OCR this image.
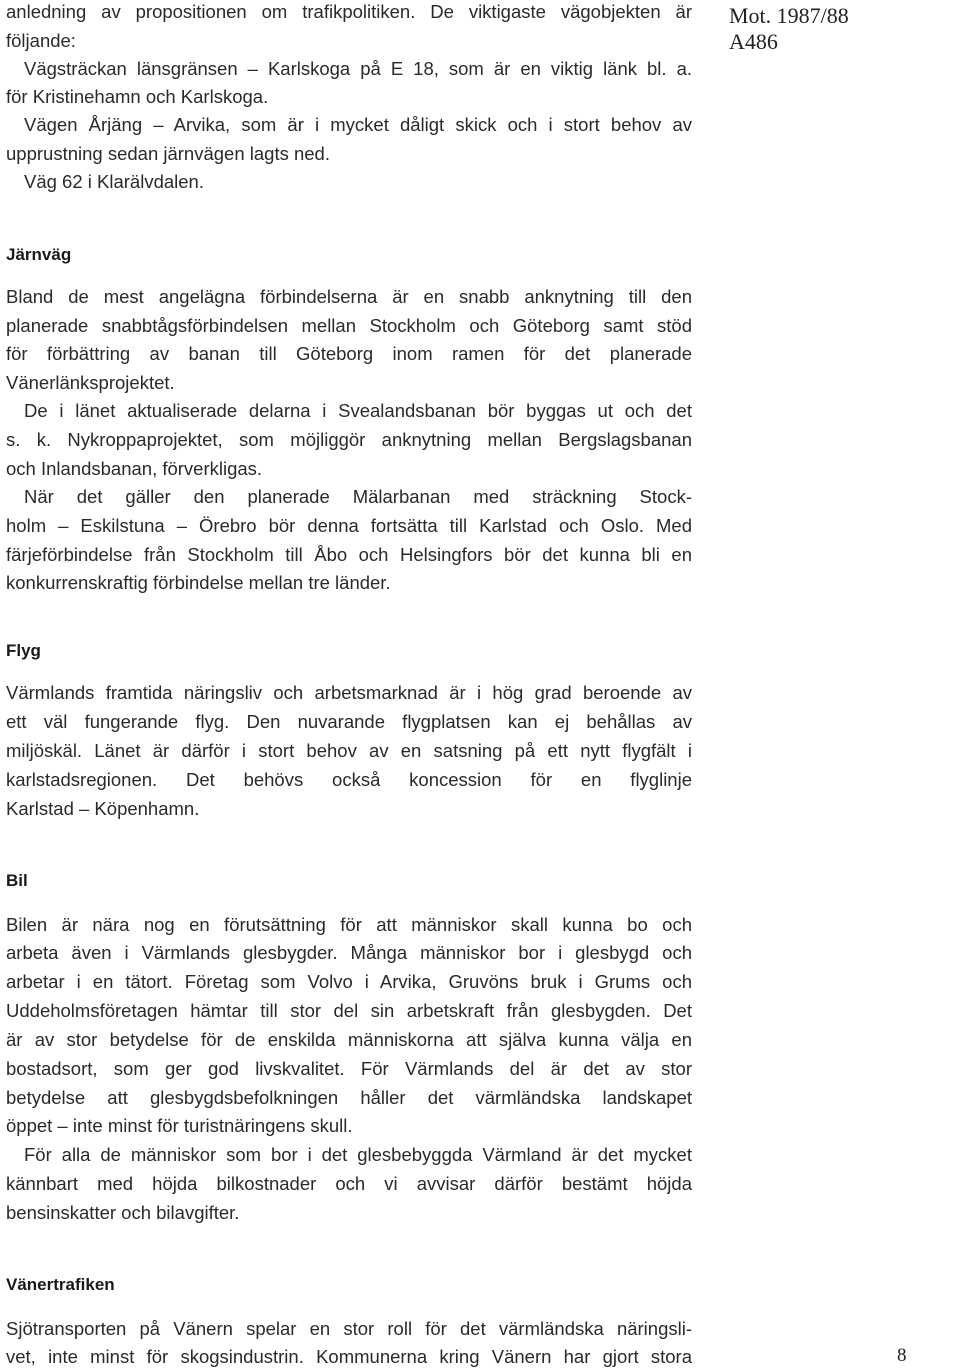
Mot. 1987/88
A486
anledning av propositionen om trafikpolitiken. De viktigaste vägobjekten är
följande:
Vägsträckan länsgränsen – Karlskoga på E 18, som är en viktig länk bl. a.
för Kristinehamn och Karlskoga.
Vägen Årjäng – Arvika, som är i mycket dåligt skick och i stort behov av
upprustning sedan järnvägen lagts ned.
Väg 62 i Klarälvdalen.
Järnväg
Bland de mest angelägna förbindelserna är en snabb anknytning till den
planerade snabbtågsförbindelsen mellan Stockholm och Göteborg samt stöd
för förbättring av banan till Göteborg inom ramen för det planerade
Vänerlänksprojektet.
De i länet aktualiserade delarna i Svealandsbanan bör byggas ut och det
s. k. Nykroppaprojektet, som möjliggör anknytning mellan Bergslagsbanan
och Inlandsbanan, förverkligas.
När det gäller den planerade Mälarbanan med sträckning Stock-
holm – Eskilstuna – Örebro bör denna fortsätta till Karlstad och Oslo. Med
färjeförbindelse från Stockholm till Åbo och Helsingfors bör det kunna bli en
konkurrenskraftig förbindelse mellan tre länder.
Flyg
Värmlands framtida näringsliv och arbetsmarknad är i hög grad beroende av
ett väl fungerande flyg. Den nuvarande flygplatsen kan ej behållas av
miljöskäl. Länet är därför i stort behov av en satsning på ett nytt flygfält i
karlstadsregionen. Det behövs också koncession för en flyglinje
Karlstad – Köpenhamn.
Bil
Bilen är nära nog en förutsättning för att människor skall kunna bo och
arbeta även i Värmlands glesbygder. Många människor bor i glesbygd och
arbetar i en tätort. Företag som Volvo i Arvika, Gruvöns bruk i Grums och
Uddeholmsföretagen hämtar till stor del sin arbetskraft från glesbygden. Det
är av stor betydelse för de enskilda människorna att själva kunna välja en
bostadsort, som ger god livskvalitet. För Värmlands del är det av stor
betydelse att glesbygdsbefolkningen håller det värmländska landskapet
öppet – inte minst för turistnäringens skull.
För alla de människor som bor i det glesbebyggda Värmland är det mycket
kännbart med höjda bilkostnader och vi avvisar därför bestämt höjda
bensinskatter och bilavgifter.
Vänertrafiken
Sjötransporten på Vänern spelar en stor roll för det värmländska näringsli-
vet, inte minst för skogsindustrin. Kommunerna kring Vänern har gjort stora	8
